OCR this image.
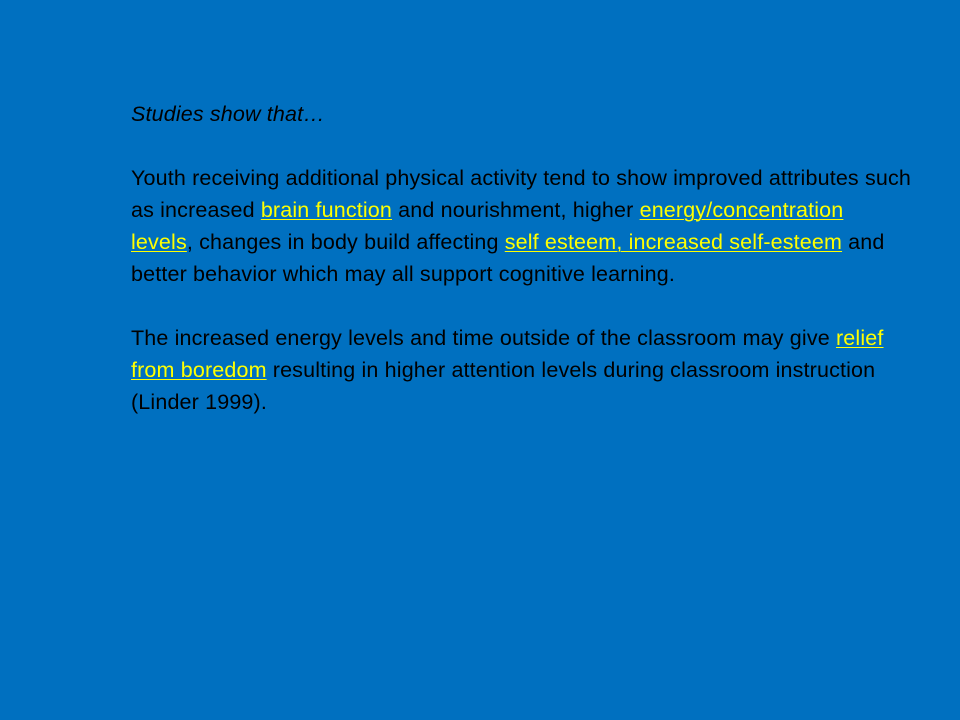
Studies show that…

Youth receiving additional physical activity tend to show improved attributes such as increased brain function and nourishment, higher energy/concentration levels, changes in body build affecting self esteem, increased self-esteem and better behavior which may all support cognitive learning.

The increased energy levels and time outside of the classroom may give relief from boredom resulting in higher attention levels during classroom instruction (Linder 1999).
